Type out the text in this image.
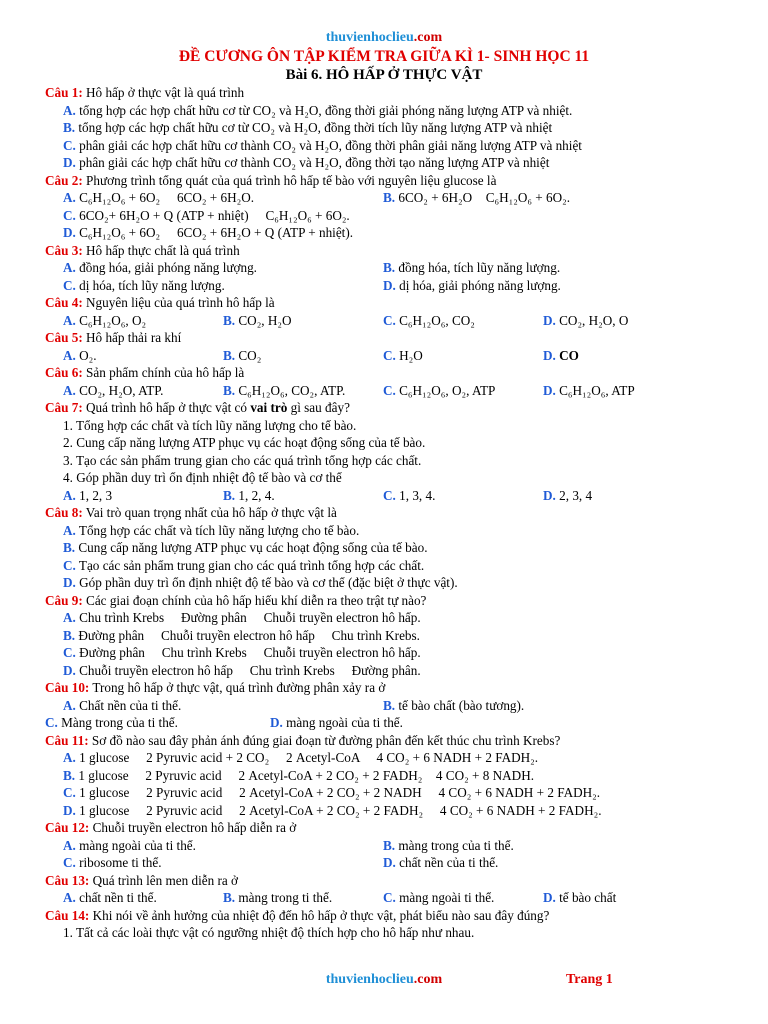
thuvienhoclieu.com
ĐỀ CƯƠNG ÔN TẬP KIỂM TRA GIỮA KÌ 1- SINH HỌC 11
Bài 6. HÔ HẤP Ở THỰC VẬT
Câu 1: Hô hấp ở thực vật là quá trình
A. tổng hợp các hợp chất hữu cơ từ CO₂ và H₂O, đồng thời giải phóng năng lượng ATP và nhiệt.
B. tổng hợp các hợp chất hữu cơ từ CO₂ và H₂O, đồng thời tích lũy năng lượng ATP và nhiệt
C. phân giải các hợp chất hữu cơ thành CO₂ và H₂O, đồng thời phân giải năng lượng ATP và nhiệt
D. phân giải các hợp chất hữu cơ thành CO₂ và H₂O, đồng thời tạo năng lượng ATP và nhiệt
Câu 2: Phương trình tổng quát của quá trình hô hấp tế bào với nguyên liệu glucose là
A. C₆H₁₂O₆ + 6O₂ 󰃮 6CO₂ + 6H₂O.	B. 6CO₂ + 6H₂O 󰃮C₆H₁₂O₆ + 6O₂.
C. 6CO₂+ 6H₂O + Q (ATP + nhiệt) 󰃮 C₆H₁₂O₆ + 6O₂.
D. C₆H₁₂O₆ + 6O₂ 󰃮 6CO₂ + 6H₂O + Q (ATP + nhiệt).
Câu 3: Hô hấp thực chất là quá trình
A. đồng hóa, giải phóng năng lượng.	B. đồng hóa, tích lũy năng lượng.
C. dị hóa, tích lũy năng lượng.	D. dị hóa, giải phóng năng lượng.
Câu 4: Nguyên liệu của quá trình hô hấp là
A. C₆H₁₂O₆, O₂	B. CO₂, H₂O	C. C₆H₁₂O₆, CO₂	D. CO₂, H₂O, O
Câu 5: Hô hấp thải ra khí
A. O₂.	B. CO₂	C. H₂O	D. CO
Câu 6: Sản phẩm chính của hô hấp là
A. CO₂, H₂O, ATP.	B. C₆H₁₂O₆, CO₂, ATP.	C. C₆H₁₂O₆, O₂, ATP	D. C₆H₁₂O₆, ATP
Câu 7: Quá trình hô hấp ở thực vật có vai trò gì sau đây?
1. Tổng hợp các chất và tích lũy năng lượng cho tế bào.
2. Cung cấp năng lượng ATP phục vụ các hoạt động sống của tế bào.
3. Tạo các sản phẩm trung gian cho các quá trình tổng hợp các chất.
4. Góp phần duy trì ổn định nhiệt độ tế bào và cơ thể
A. 1, 2, 3	B. 1, 2, 4.	C. 1, 3, 4.	D. 2, 3, 4
Câu 8: Vai trò quan trọng nhất của hô hấp ở thực vật là
A. Tổng hợp các chất và tích lũy năng lượng cho tế bào.
B. Cung cấp năng lượng ATP phục vụ các hoạt động sống của tế bào.
C. Tạo các sản phẩm trung gian cho các quá trình tổng hợp các chất.
D. Góp phần duy trì ổn định nhiệt độ tế bào và cơ thể (đặc biệt ở thực vật).
Câu 9: Các giai đoạn chính của hô hấp hiếu khí diễn ra theo trật tự nào?
A. Chu trình Krebs 󰃮 Đường phân 󰃮 Chuỗi truyền electron hô hấp.
B. Đường phân 󰃮 Chuỗi truyền electron hô hấp 󰃮 Chu trình Krebs.
C. Đường phân 󰃮 Chu trình Krebs 󰃮 Chuỗi truyền electron hô hấp.
D. Chuỗi truyền electron hô hấp 󰃮 Chu trình Krebs 󰃮 Đường phân.
Câu 10: Trong hô hấp ở thực vật, quá trình đường phân xảy ra ở
A. Chất nền của ti thể.	B. tế bào chất (bào tương).
C. Màng trong của ti thể.	D. màng ngoài của ti thể.
Câu 11: Sơ đồ nào sau đây phản ánh đúng giai đoạn từ đường phân đến kết thúc chu trình Krebs?
A. 1 glucose 󰃮 2 Pyruvic acid + 2 CO₂ 󰃮 2 Acetyl-CoA 󰃮 4 CO₂ + 6 NADH + 2 FADH₂.
B. 1 glucose 󰃮 2 Pyruvic acid 󰃮 2 Acetyl-CoA + 2 CO₂ + 2 FADH₂󰃮 4 CO₂ + 8 NADH.
C. 1 glucose 󰃮 2 Pyruvic acid 󰃮 2 Acetyl-CoA + 2 CO₂ + 2 NADH 󰃮 4 CO₂ + 6 NADH + 2 FADH₂.
D. 1 glucose 󰃮 2 Pyruvic acid 󰃮 2 Acetyl-CoA + 2 CO₂ + 2 FADH₂ 󰃮 4 CO₂ + 6 NADH + 2 FADH₂.
Câu 12: Chuỗi truyền electron hô hấp diễn ra ở
A. màng ngoài của ti thể.	B. màng trong của ti thể.
C. ribosome ti thể.	D. chất nền của ti thể.
Câu 13: Quá trình lên men diễn ra ở
A. chất nền ti thể.	B. màng trong ti thể.	C. màng ngoài ti thể.	D. tế bào chất
Câu 14: Khi nói về ảnh hưởng của nhiệt độ đến hô hấp ở thực vật, phát biểu nào sau đây đúng?
1. Tất cả các loài thực vật có ngưỡng nhiệt độ thích hợp cho hô hấp như nhau.
thuvienhoclieu.com	Trang 1
